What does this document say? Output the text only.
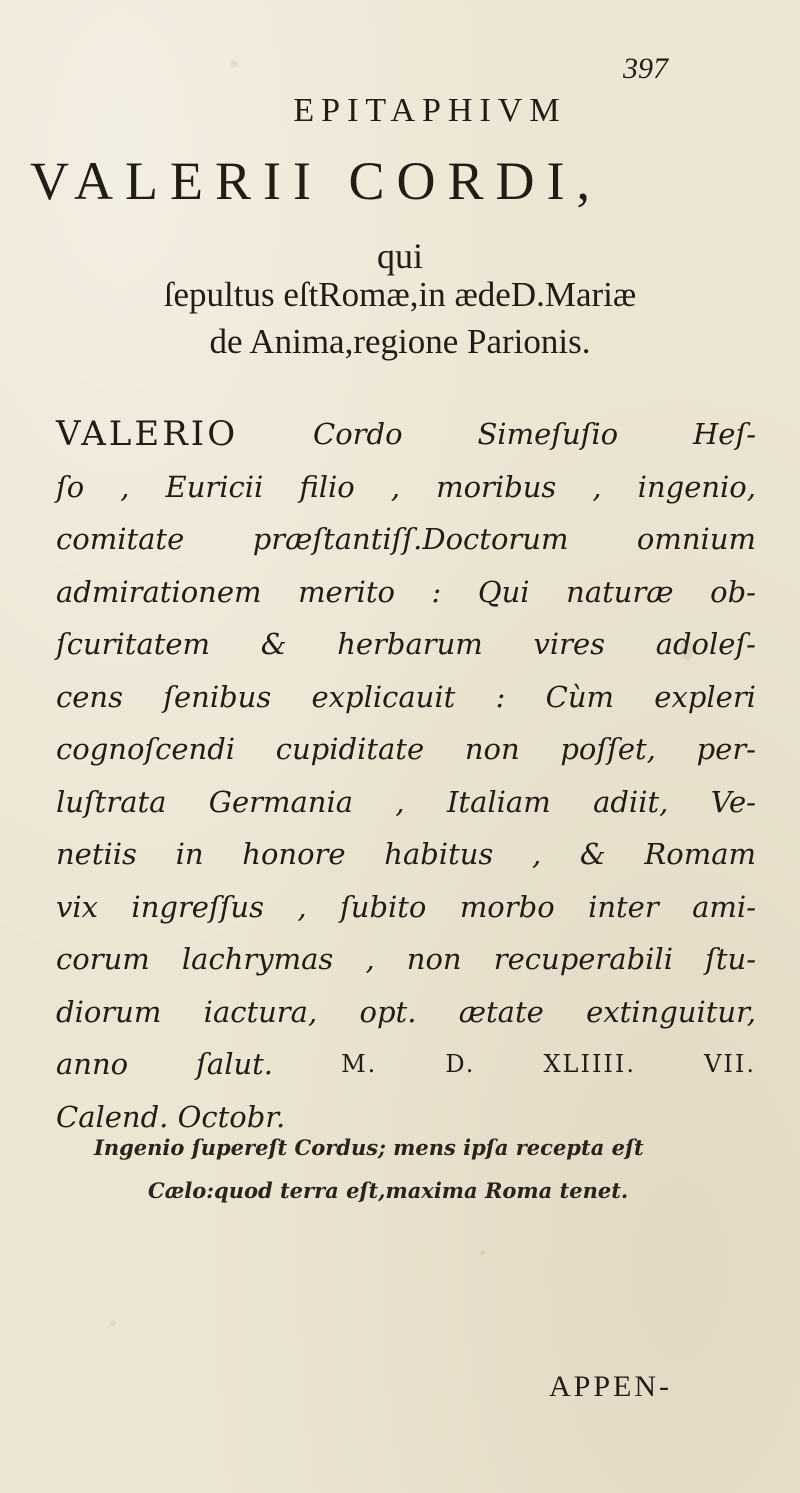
397
EPITAPHIVM
VALERII CORDI,
qui
ſepultus eſtRomæ,in ædeD.Mariæ
de Anima,regione Parionis.
VALERIO	Cordo	Simeſuſio	Heſ-
ſo , Euricii filio , moribus , ingenio,
comitate præſtantiſſ.Doctorum omnium
admirationem merito : Qui naturæ ob-
ſcuritatem & herbarum vires adoleſ-
cens ſenibus explicauit : Cùm expleri
cognoſcendi cupiditate non poſſet, per-
luſtrata Germania , Italiam adiit, Ve-
netiis in honore habitus , & Romam
vix ingreſſus , ſubito morbo inter ami-
corum lachrymas , non recuperabili ſtu-
diorum iactura, opt. ætate extinguitur,
anno ſalut.	M.	D.	XLIIII.	VII.
Calend. Octobr.
Ingenio ſupereſt Cordus; mens ipſa recepta eſt
Cælo:quod terra eſt,maxima Roma tenet.
APPEN-
